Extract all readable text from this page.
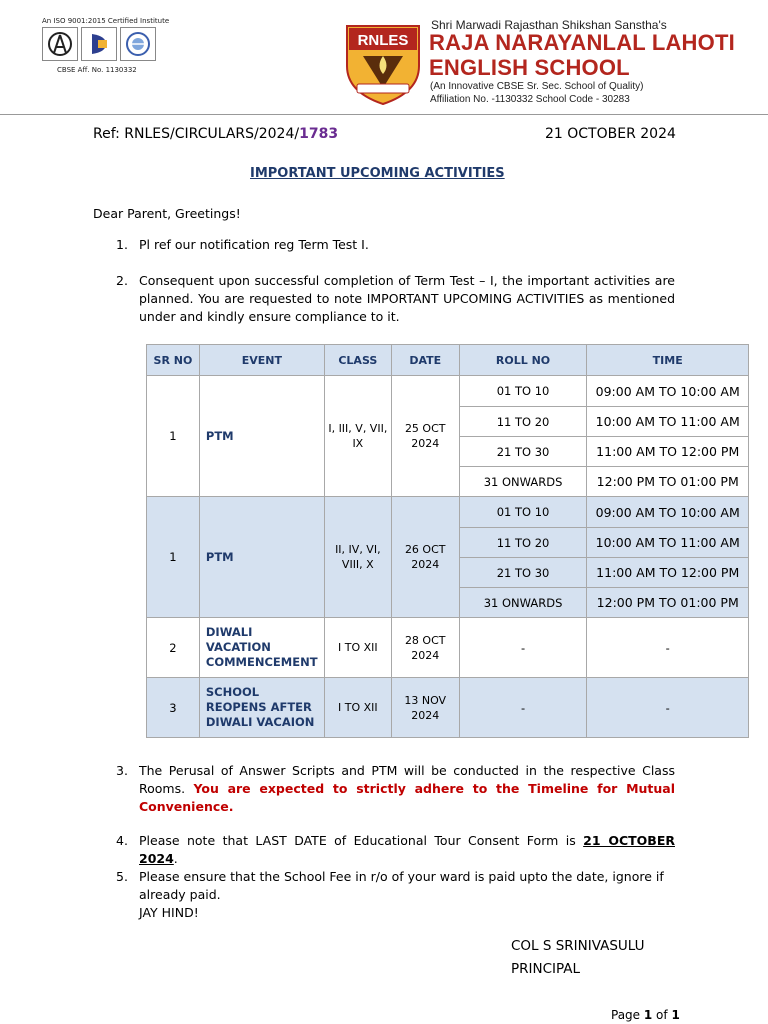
An ISO 9001:2015 Certified Institute
CBSE Aff. No. 1130332
RNLES
Shri Marwadi Rajasthan Shikshan Sanstha's
RAJA NARAYANLAL LAHOTI
ENGLISH SCHOOL
(An Innovative CBSE Sr. Sec. School of Quality)
Affiliation No. -1130332 School Code - 30283
Ref: RNLES/CIRCULARS/2024/1783	21 OCTOBER 2024
IMPORTANT UPCOMING ACTIVITIES
Dear Parent, Greetings!
1. Pl ref our notification reg Term Test I.
2. Consequent upon successful completion of Term Test – I, the important activities are planned. You are requested to note IMPORTANT UPCOMING ACTIVITIES as mentioned under and kindly ensure compliance to it.
SR NO	EVENT	CLASS	DATE	ROLL NO	TIME
1	PTM	I, III, V, VII, IX	25 OCT 2024	01 TO 10	09:00 AM TO 10:00 AM
				11 TO 20	10:00 AM TO 11:00 AM
				21 TO 30	11:00 AM TO 12:00 PM
				31 ONWARDS	12:00 PM TO 01:00 PM
1	PTM	II, IV, VI, VIII, X	26 OCT 2024	01 TO 10	09:00 AM TO 10:00 AM
				11 TO 20	10:00 AM TO 11:00 AM
				21 TO 30	11:00 AM TO 12:00 PM
				31 ONWARDS	12:00 PM TO 01:00 PM
2	DIWALI VACATION COMMENCEMENT	I TO XII	28 OCT 2024	-	-
3	SCHOOL REOPENS AFTER DIWALI VACAION	I TO XII	13 NOV 2024	-	-
3. The Perusal of Answer Scripts and PTM will be conducted in the respective Class Rooms. You are expected to strictly adhere to the Timeline for Mutual Convenience.
4. Please note that LAST DATE of Educational Tour Consent Form is 21 OCTOBER 2024.
5. Please ensure that the School Fee in r/o of your ward is paid upto the date, ignore if already paid.
JAY HIND!
COL S SRINIVASULU
PRINCIPAL
Page 1 of 1
